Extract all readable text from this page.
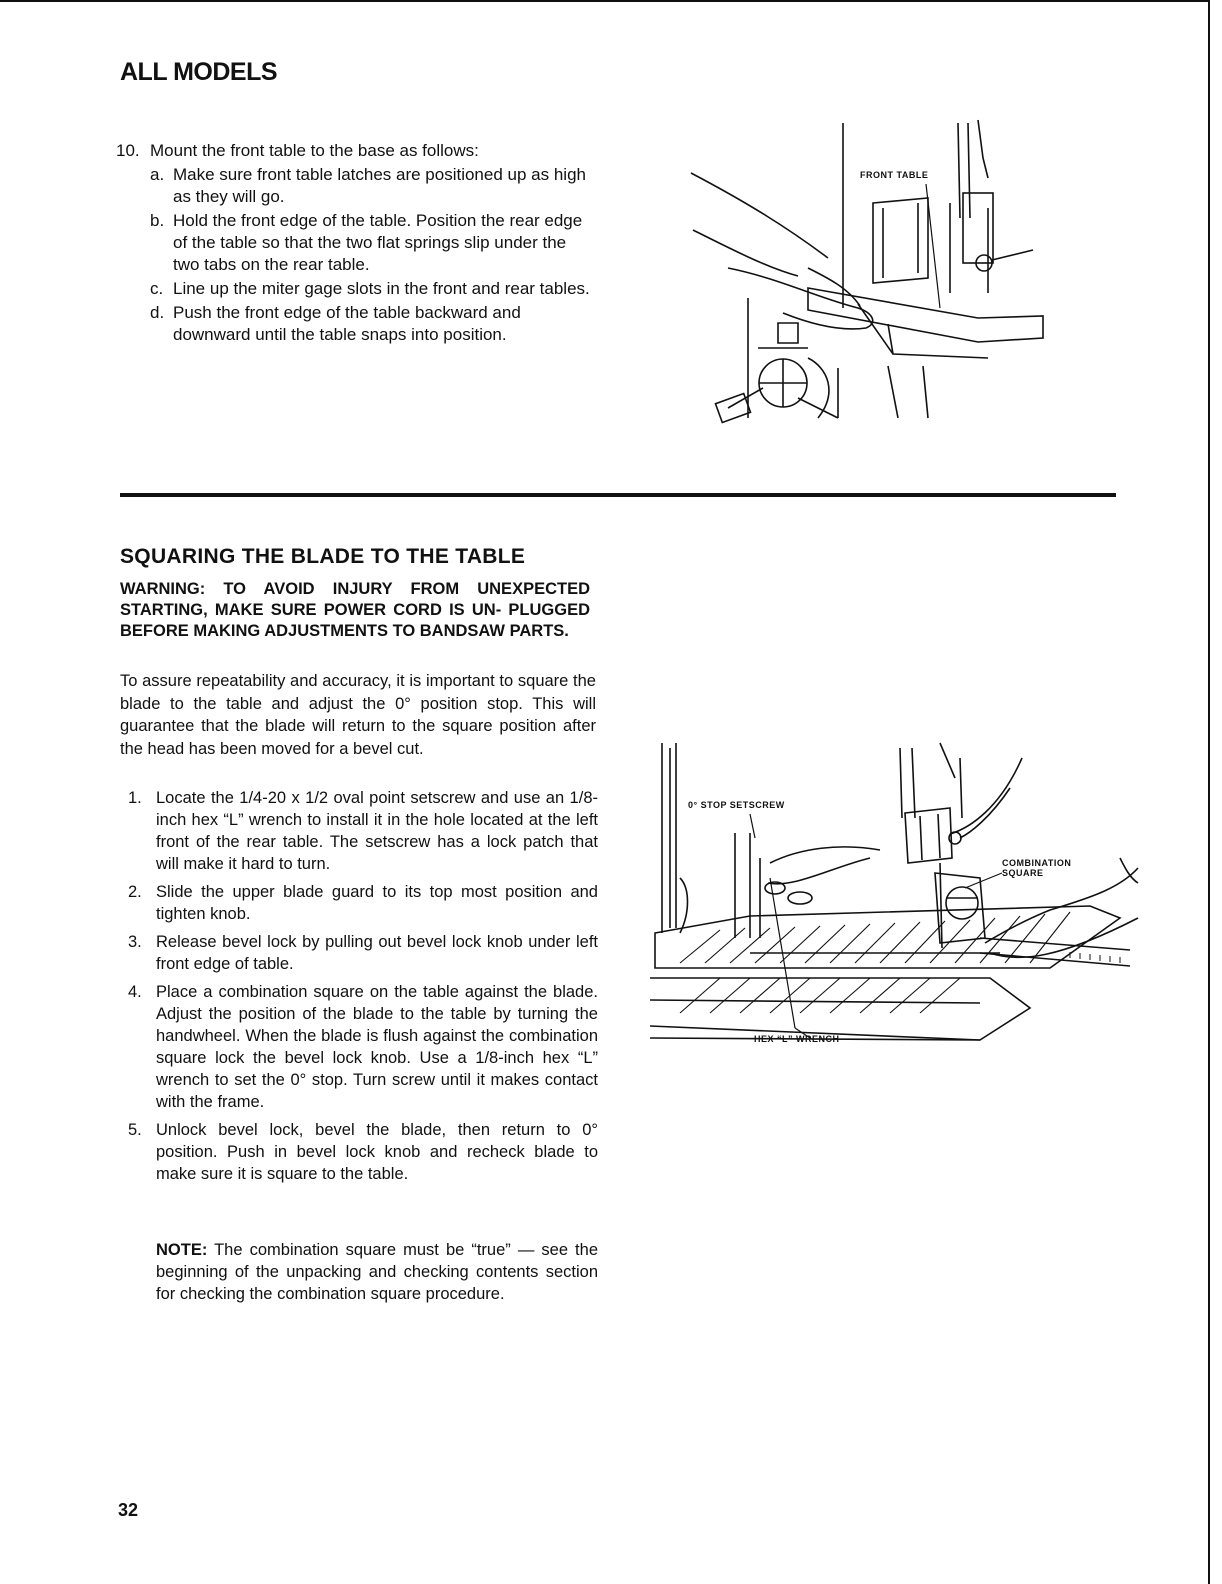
ALL MODELS
10. Mount the front table to the base as follows:
a. Make sure front table latches are positioned up as high as they will go.
b. Hold the front edge of the table. Position the rear edge of the table so that the two flat springs slip under the two tabs on the rear table.
c. Line up the miter gage slots in the front and rear tables.
d. Push the front edge of the table backward and downward until the table snaps into position.
FRONT TABLE
SQUARING THE BLADE TO THE TABLE
WARNING: TO AVOID INJURY FROM UNEXPECTED STARTING, MAKE SURE POWER CORD IS UN- PLUGGED BEFORE MAKING ADJUSTMENTS TO BANDSAW PARTS.

To assure repeatability and accuracy, it is important to square the blade to the table and adjust the 0° position stop. This will guarantee that the blade will return to the square position after the head has been moved for a bevel cut.

1. Locate the 1/4-20 x 1/2 oval point setscrew and use an 1/8-inch hex “L” wrench to install it in the hole located at the left front of the rear table. The setscrew has a lock patch that will make it hard to turn.
2. Slide the upper blade guard to its top most position and tighten knob.
3. Release bevel lock by pulling out bevel lock knob under left front edge of table.
4. Place a combination square on the table against the blade. Adjust the position of the blade to the table by turning the handwheel. When the blade is flush against the combination square lock the bevel lock knob. Use a 1/8-inch hex “L” wrench to set the 0° stop. Turn screw until it makes contact with the frame.
5. Unlock bevel lock, bevel the blade, then return to 0° position. Push in bevel lock knob and recheck blade to make sure it is square to the table.

NOTE: The combination square must be “true” — see the beginning of the unpacking and checking contents section for checking the combination square procedure.

0° STOP SETSCREW
COMBINATION
SQUARE
HEX “L” WRENCH
32
